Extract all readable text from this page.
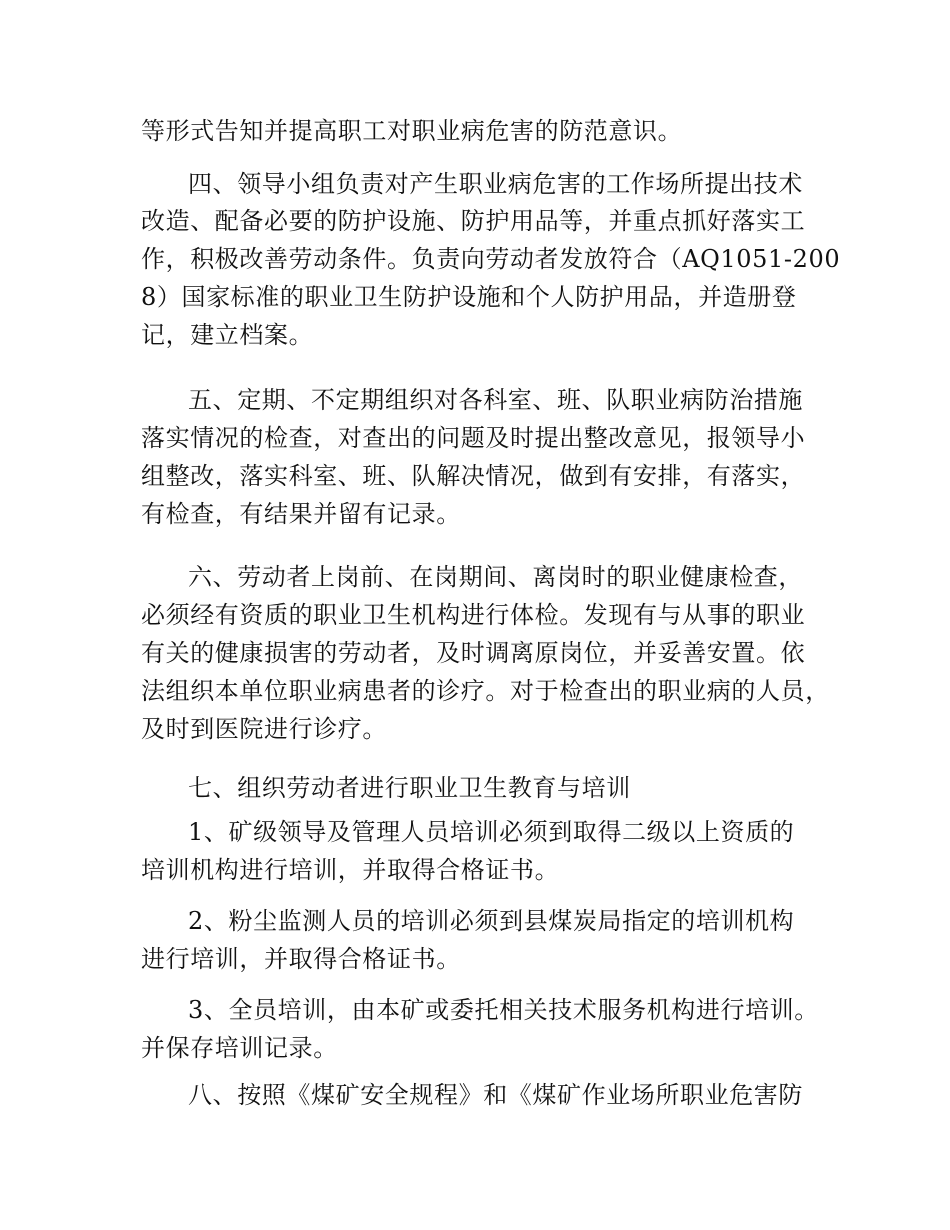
等形式告知并提高职工对职业病危害的防范意识。
四、领导小组负责对产生职业病危害的工作场所提出技术
改造、配备必要的防护设施、防护用品等，并重点抓好落实工
作，积极改善劳动条件。负责向劳动者发放符合（AQ1051-200
8）国家标准的职业卫生防护设施和个人防护用品，并造册登
记，建立档案。
五、定期、不定期组织对各科室、班、队职业病防治措施
落实情况的检查，对查出的问题及时提出整改意见，报领导小
组整改，落实科室、班、队解决情况，做到有安排，有落实，
有检查，有结果并留有记录。
六、劳动者上岗前、在岗期间、离岗时的职业健康检查，
必须经有资质的职业卫生机构进行体检。发现有与从事的职业
有关的健康损害的劳动者，及时调离原岗位，并妥善安置。依
法组织本单位职业病患者的诊疗。对于检查出的职业病的人员，
及时到医院进行诊疗。
七、组织劳动者进行职业卫生教育与培训
1、矿级领导及管理人员培训必须到取得二级以上资质的
培训机构进行培训，并取得合格证书。
2、粉尘监测人员的培训必须到县煤炭局指定的培训机构
进行培训，并取得合格证书。
3、全员培训，由本矿或委托相关技术服务机构进行培训。
并保存培训记录。
八、按照《煤矿安全规程》和《煤矿作业场所职业危害防
